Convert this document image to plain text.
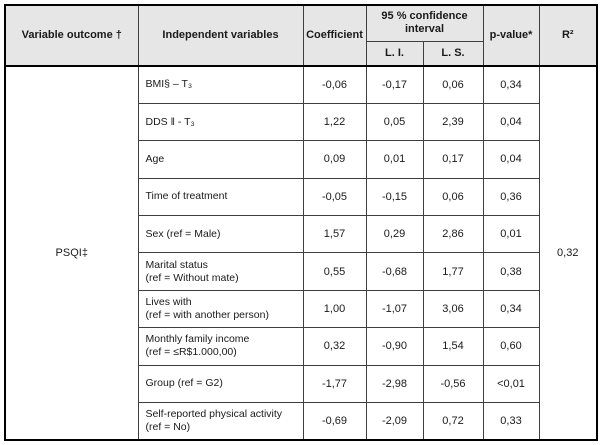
Variable outcome †	Independent variables	Coefficient	95 % confidence interval		p-value*	R²
			L. I.	L. S.		
PSQI‡	BMI§ – T₃	-0,06	-0,17	0,06	0,34	0,32

	DDS ‖ - T₃	1,22	0,05	2,39	0,04	

	Age	0,09	0,01	0,17	0,04	

	Time of treatment	-0,05	-0,15	0,06	0,36	

	Sex (ref = Male)	1,57	0,29	2,86	0,01	

	Marital status
(ref = Without mate)	0,55	-0,68	1,77	0,38	

	Lives with
(ref = with another person)	1,00	-1,07	3,06	0,34	

	Monthly family income
(ref = ≤R$1.000,00)	0,32	-0,90	1,54	0,60	

	Group (ref = G2)	-1,77	-2,98	-0,56	<0,01	

	Self-reported physical activity
(ref = No)	-0,69	-2,09	0,72	0,33	
